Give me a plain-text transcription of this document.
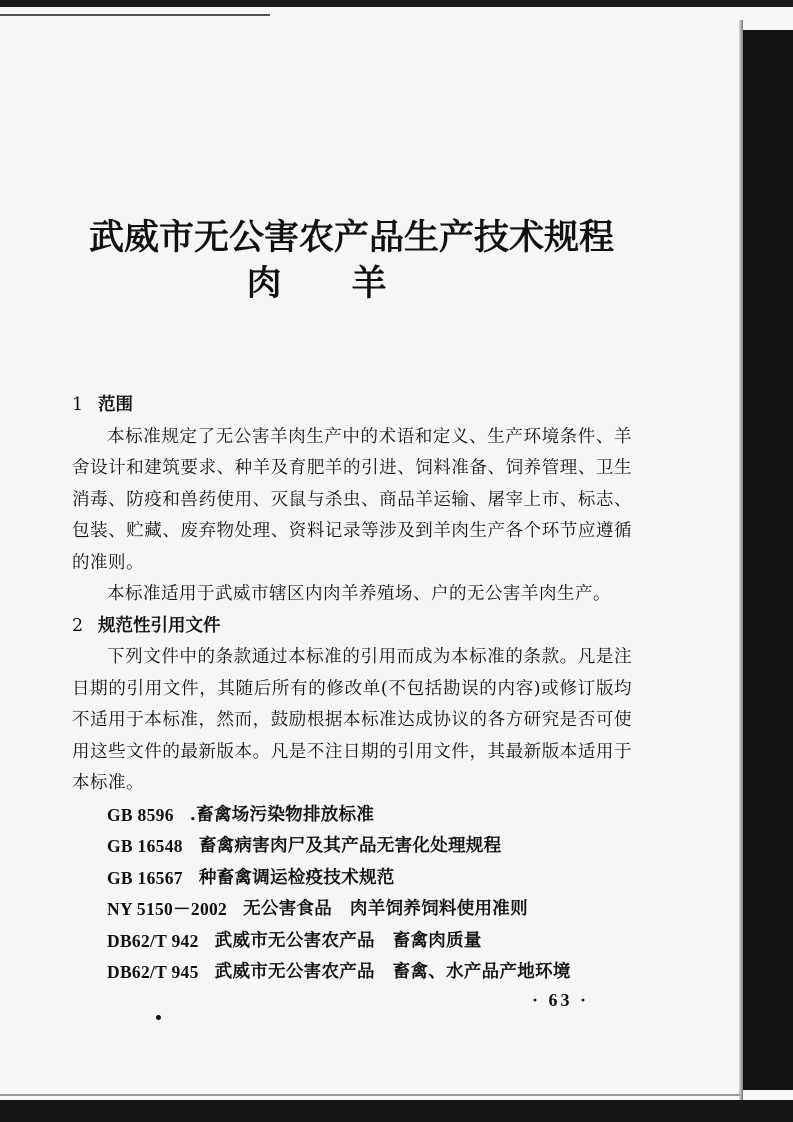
武威市无公害农产品生产技术规程
肉羊

1 范围

本标准规定了无公害羊肉生产中的术语和定义、生产环境条件、羊舍设计和建筑要求、种羊及育肥羊的引进、饲料准备、饲养管理、卫生消毒、防疫和兽药使用、灭鼠与杀虫、商品羊运输、屠宰上市、标志、包装、贮藏、废弃物处理、资料记录等涉及到羊肉生产各个环节应遵循的准则。

本标准适用于武威市辖区内肉羊养殖场、户的无公害羊肉生产。

2 规范性引用文件

下列文件中的条款通过本标准的引用而成为本标准的条款。凡是注日期的引用文件，其随后所有的修改单(不包括勘误的内容)或修订版均不适用于本标准，然而，鼓励根据本标准达成协议的各方研究是否可使用这些文件的最新版本。凡是不注日期的引用文件，其最新版本适用于本标准。

GB 8596 .畜禽场污染物排放标准
GB 16548 畜禽病害肉尸及其产品无害化处理规程
GB 16567 种畜禽调运检疫技术规范
NY 5150－2002 无公害食品　肉羊饲养饲料使用准则
DB62/T 942 武威市无公害农产品　畜禽肉质量
DB62/T 945 武威市无公害农产品　畜禽、水产品产地环境
· 63 ·
